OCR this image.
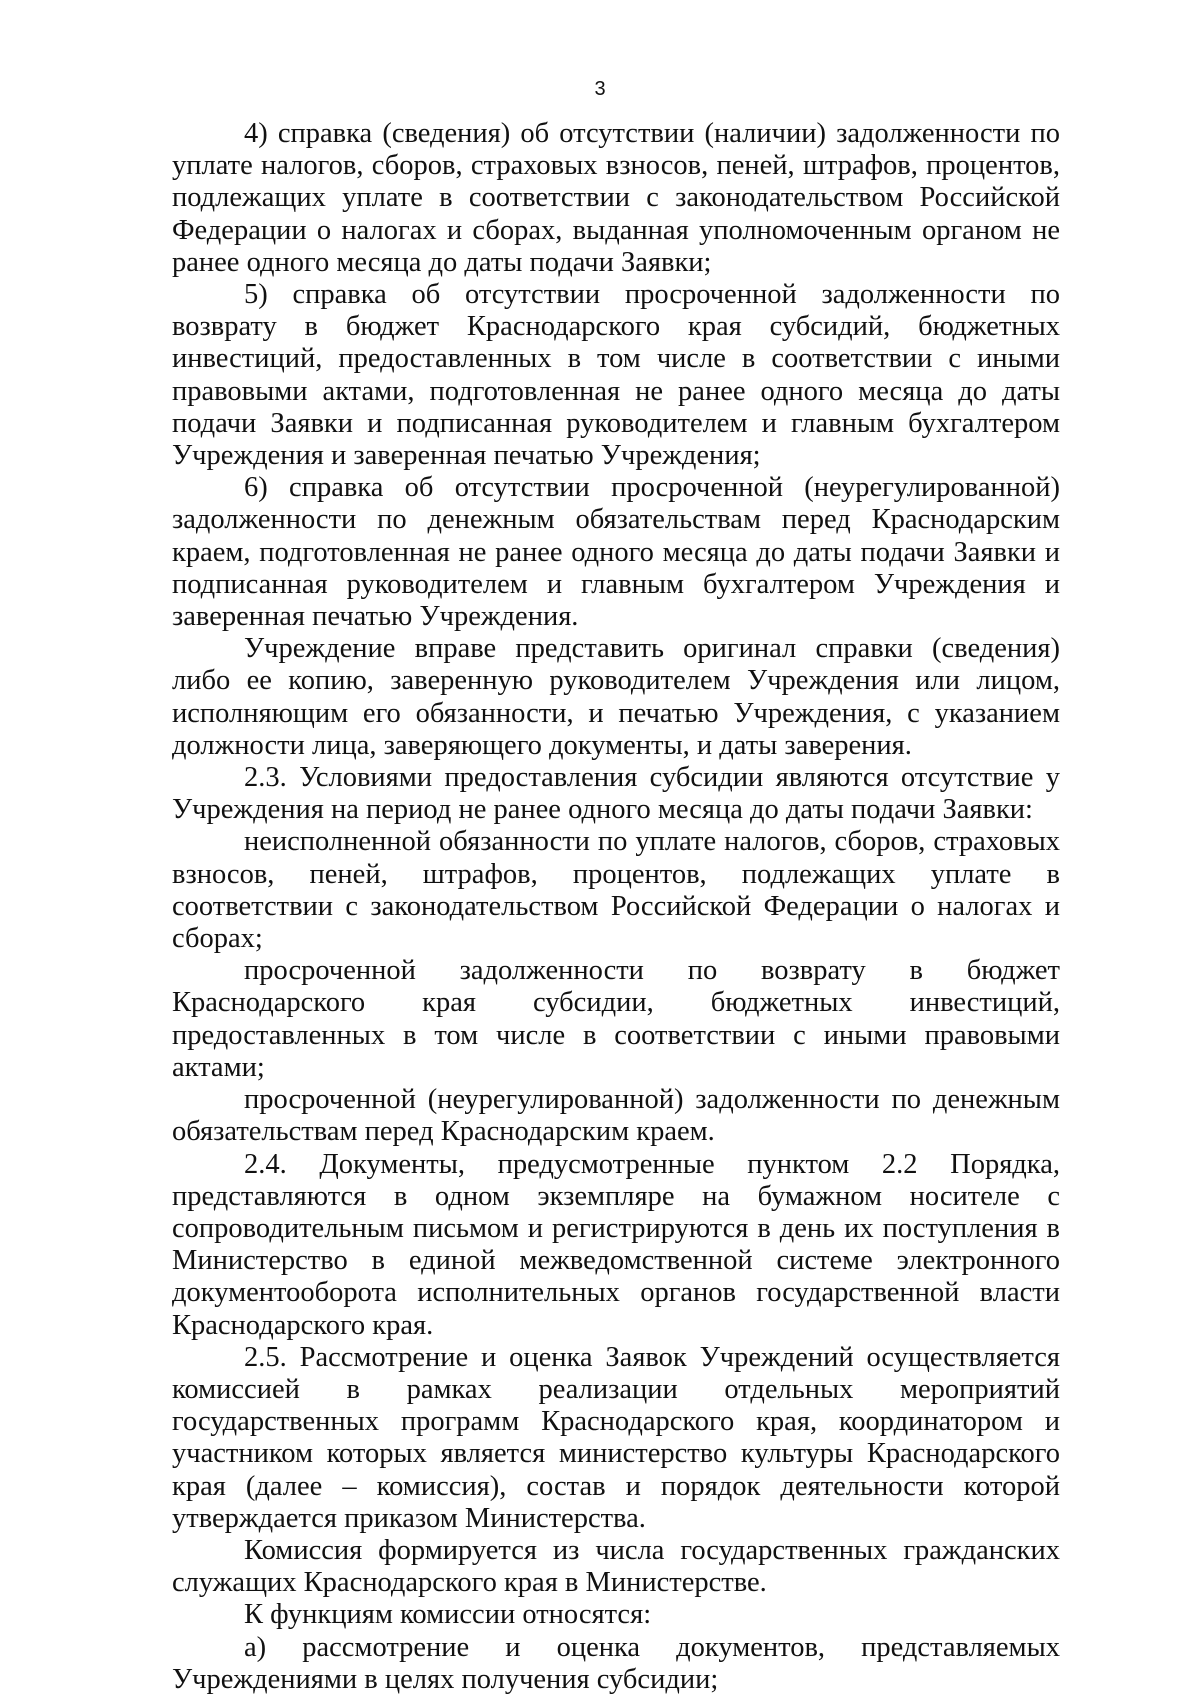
3

4) справка (сведения) об отсутствии (наличии) задолженности по уплате налогов, сборов, страховых взносов, пеней, штрафов, процентов, подлежащих уплате в соответствии с законодательством Российской Федерации о налогах и сборах, выданная уполномоченным органом не ранее одного месяца до даты подачи Заявки;

5) справка об отсутствии просроченной задолженности по возврату в бюджет Краснодарского края субсидий, бюджетных инвестиций, предоставленных в том числе в соответствии с иными правовыми актами, подготовленная не ранее одного месяца до даты подачи Заявки и подписанная руководителем и главным бухгалтером Учреждения и заверенная печатью Учреждения;

6) справка об отсутствии просроченной (неурегулированной) задолженности по денежным обязательствам перед Краснодарским краем, подготовленная не ранее одного месяца до даты подачи Заявки и подписанная руководителем и главным бухгалтером Учреждения и заверенная печатью Учреждения.

Учреждение вправе представить оригинал справки (сведения) либо ее копию, заверенную руководителем Учреждения или лицом, исполняющим его обязанности, и печатью Учреждения, с указанием должности лица, заверяющего документы, и даты заверения.

2.3. Условиями предоставления субсидии являются отсутствие у Учреждения на период не ранее одного месяца до даты подачи Заявки:

неисполненной обязанности по уплате налогов, сборов, страховых взносов, пеней, штрафов, процентов, подлежащих уплате в соответствии с законодательством Российской Федерации о налогах и сборах;

просроченной задолженности по возврату в бюджет Краснодарского края субсидии, бюджетных инвестиций, предоставленных в том числе в соответствии с иными правовыми актами;

просроченной (неурегулированной) задолженности по денежным обязательствам перед Краснодарским краем.

2.4. Документы, предусмотренные пунктом 2.2 Порядка, представляются в одном экземпляре на бумажном носителе с сопроводительным письмом и регистрируются в день их поступления в Министерство в единой межведомственной системе электронного документооборота исполнительных органов государственной власти Краснодарского края.

2.5. Рассмотрение и оценка Заявок Учреждений осуществляется комиссией в рамках реализации отдельных мероприятий государственных программ Краснодарского края, координатором и участником которых является министерство культуры Краснодарского края (далее – комиссия), состав и порядок деятельности которой утверждается приказом Министерства.

Комиссия формируется из числа государственных гражданских служащих Краснодарского края в Министерстве.

К функциям комиссии относятся:

а) рассмотрение и оценка документов, представляемых Учреждениями в целях получения субсидии;
